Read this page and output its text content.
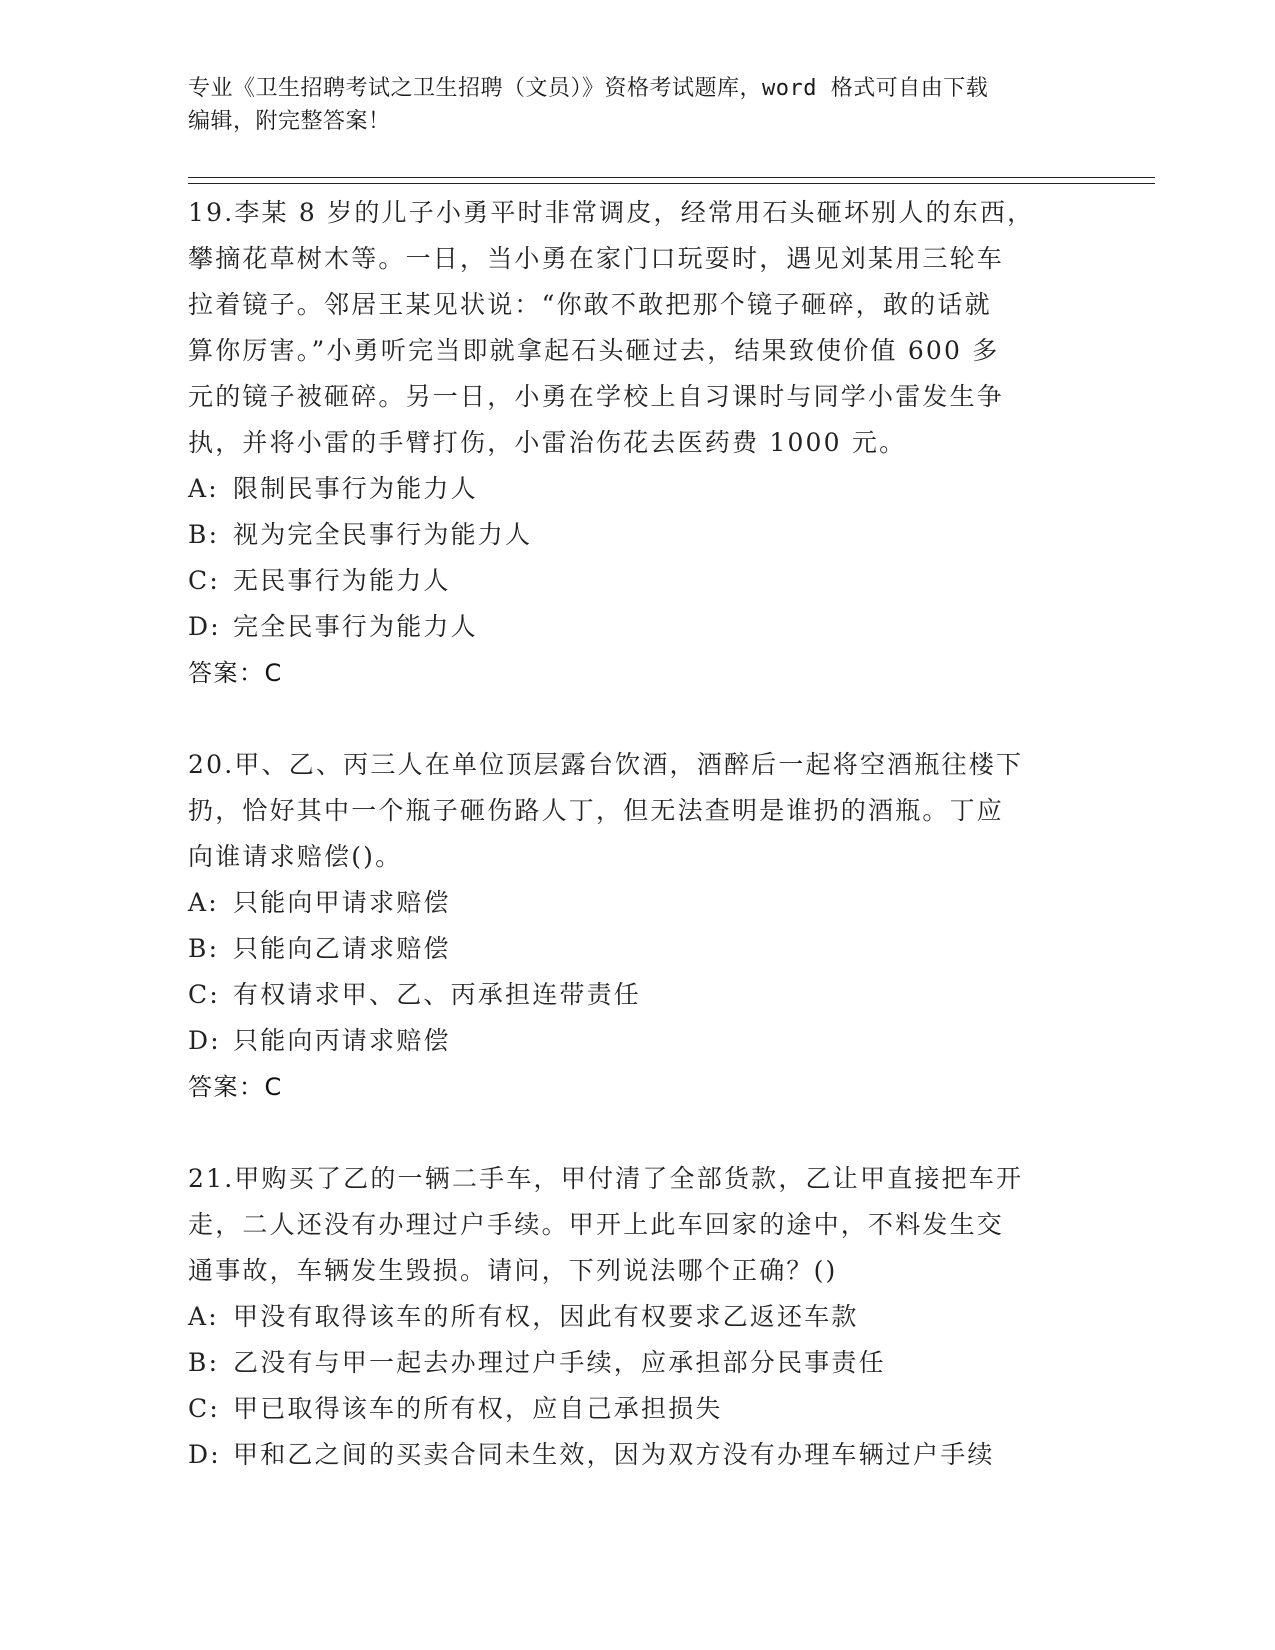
专业《卫生招聘考试之卫生招聘（文员）》资格考试题库，word 格式可自由下载
编辑，附完整答案！
19.李某 8 岁的儿子小勇平时非常调皮，经常用石头砸坏别人的东西，
攀摘花草树木等。一日，当小勇在家门口玩耍时，遇见刘某用三轮车
拉着镜子。邻居王某见状说：“你敢不敢把那个镜子砸碎，敢的话就
算你厉害。”小勇听完当即就拿起石头砸过去，结果致使价值 600 多
元的镜子被砸碎。另一日，小勇在学校上自习课时与同学小雷发生争
执，并将小雷的手臂打伤，小雷治伤花去医药费 1000 元。
A: 限制民事行为能力人
B: 视为完全民事行为能力人
C: 无民事行为能力人
D: 完全民事行为能力人
答案：C
20.甲、乙、丙三人在单位顶层露台饮酒，酒醉后一起将空酒瓶往楼下
扔，恰好其中一个瓶子砸伤路人丁，但无法查明是谁扔的酒瓶。丁应
向谁请求赔偿()。
A: 只能向甲请求赔偿
B: 只能向乙请求赔偿
C: 有权请求甲、乙、丙承担连带责任
D: 只能向丙请求赔偿
答案：C
21.甲购买了乙的一辆二手车，甲付清了全部货款，乙让甲直接把车开
走，二人还没有办理过户手续。甲开上此车回家的途中，不料发生交
通事故，车辆发生毁损。请问，下列说法哪个正确？()
A: 甲没有取得该车的所有权，因此有权要求乙返还车款
B: 乙没有与甲一起去办理过户手续，应承担部分民事责任
C: 甲已取得该车的所有权，应自己承担损失
D: 甲和乙之间的买卖合同未生效，因为双方没有办理车辆过户手续
